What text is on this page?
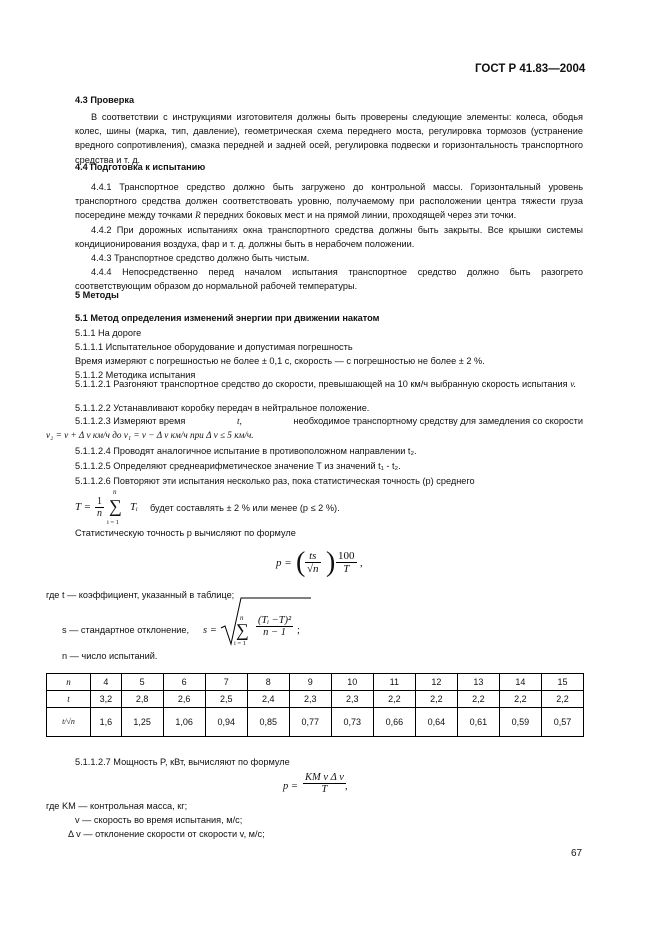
ГОСТ Р 41.83—2004
4.3 Проверка

В соответствии с инструкциями изготовителя должны быть проверены следующие элементы: колеса, ободья колес, шины (марка, тип, давление), геометрическая схема переднего моста, регулировка тормозов (устранение вредного сопротивления), смазка передней и задней осей, регулировка подвески и горизонтальность транспортного средства и т. д.

4.4 Подготовка к испытанию

4.4.1 Транспортное средство должно быть загружено до контрольной массы. Горизонтальный уровень транспортного средства должен соответствовать уровню, получаемому при расположении центра тяжести груза посередине между точками R передних боковых мест и на прямой линии, проходящей через эти точки.

4.4.2 При дорожных испытаниях окна транспортного средства должны быть закрыты. Все крышки системы кондиционирования воздуха, фар и т. д. должны быть в нерабочем положении.

4.4.3 Транспортное средство должно быть чистым.

4.4.4 Непосредственно перед началом испытания транспортное средство должно быть разогрето соответствующим образом до нормальной рабочей температуры.

5 Методы
5.1 Метод определения изменений энергии при движении накатом
5.1.1 На дороге
5.1.1.1 Испытательное оборудование и допустимая погрешность
Время измеряют с погрешностью не более ± 0,1 с, скорость — с погрешностью не более ± 2 %.
5.1.1.2 Методика испытания

5.1.1.2.1 Разгоняют транспортное средство до скорости, превышающей на 10 км/ч выбранную скорость испытания v.

5.1.1.2.2 Устанавливают коробку передач в нейтральное положение.
5.1.1.2.3 Измеряют время	t,	необходимое транспортному средству для замедления со скорости
v₂ = v + Δ v км/ч до v₁ = v − Δ v км/ч при Δ v ≤ 5 км/ч.
5.1.1.2.4 Проводят аналогичное испытание в противоположном направлении t₂.
5.1.1.2.5 Определяют среднеарифметическое значение T из значений t₁ - t₂.
5.1.1.2.6 Повторяют эти испытания несколько раз, пока статистическая точность (p) среднего
$T = \frac{1}{n}$
n
∑
i = 1
Tᵢ будет составлять ± 2 % или менее (p ≤ 2 %).
Статистическую точность p вычисляют по формуле
p = ( $\frac{ts}{√n}$ ) $\frac{100}{T}$ ,
где t — коэффициент, указанный в таблице;
s — стандартное отклонение, s =
n
∑
i = 1
$\frac{\text{(Tᵢ −T)²}}{n - 1}$ ;
n — число испытаний.
n	4	5	6	7	8	9	10	11	12	13	14	15
t	3,2	2,8	2,6	2,5	2,4	2,3	2,3	2,2	2,2	2,2	2,2	2,2
t/√n	1,6	1,25	1,06	0,94	0,85	0,77	0,73	0,66	0,64	0,61	0,59	0,57
5.1.1.2.7 Мощность P, кВт, вычисляют по формуле
$p = \frac{\text{KM v Δ v}}{T}$ ,
где KM — контрольная масса, кг;
v — скорость во время испытания, м/с;
Δ v — отклонение скорости от скорости v, м/с;
67
